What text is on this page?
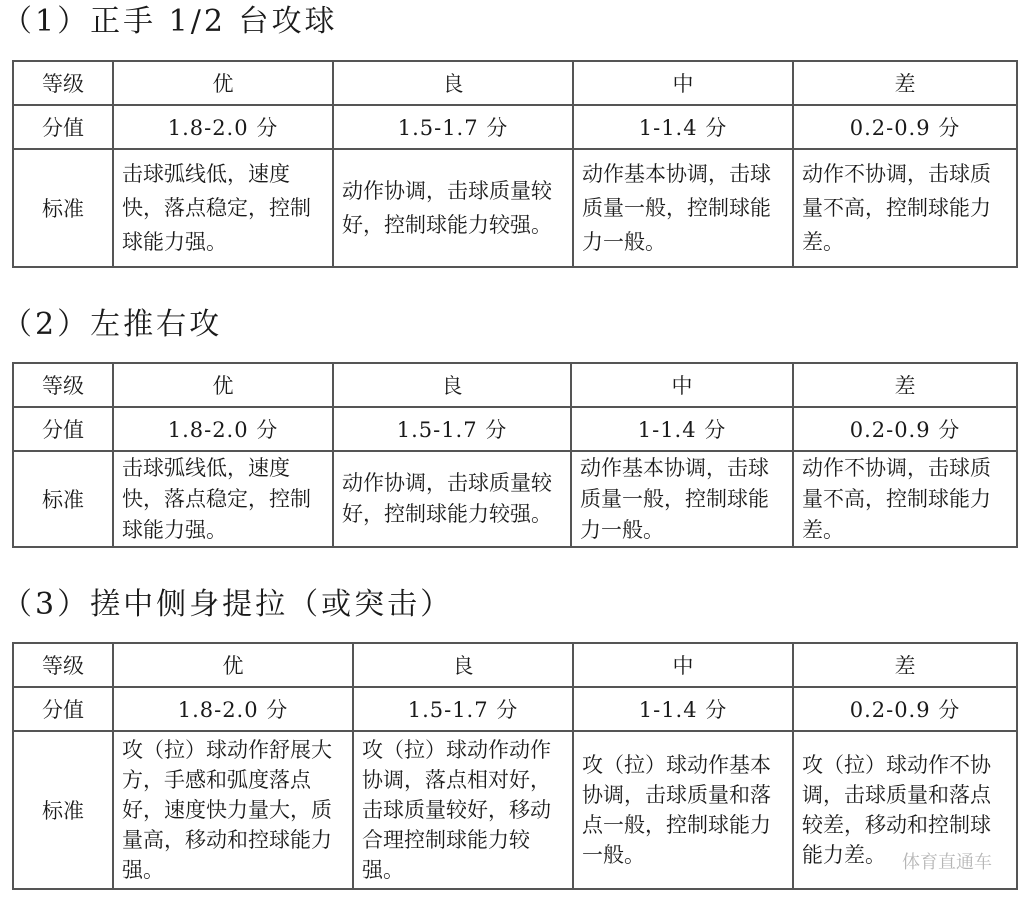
（1）正手 1/2 台攻球
等级	优	良	中	差
分值	1.8-2.0 分	1.5-1.7 分	1-1.4 分	0.2-0.9 分
标准	击球弧线低，速度快，落点稳定，控制球能力强。	动作协调，击球质量较好，控制球能力较强。	动作基本协调，击球质量一般，控制球能力一般。	动作不协调，击球质量不高，控制球能力差。
（2）左推右攻
等级	优	良	中	差
分值	1.8-2.0 分	1.5-1.7 分	1-1.4 分	0.2-0.9 分
标准	击球弧线低，速度快，落点稳定，控制球能力强。	动作协调，击球质量较好，控制球能力较强。	动作基本协调，击球质量一般，控制球能力一般。	动作不协调，击球质量不高，控制球能力差。
（3）搓中侧身提拉（或突击）
等级	优	良	中	差
分值	1.8-2.0 分	1.5-1.7 分	1-1.4 分	0.2-0.9 分
标准	攻（拉）球动作舒展大方，手感和弧度落点好，速度快力量大，质量高，移动和控球能力强。	攻（拉）球动作动作协调，落点相对好，击球质量较好，移动合理控制球能力较强。	攻（拉）球动作基本协调，击球质量和落点一般，控制球能力一般。	攻（拉）球动作不协调，击球质量和落点较差，移动和控制球能力差。 体育直通车
